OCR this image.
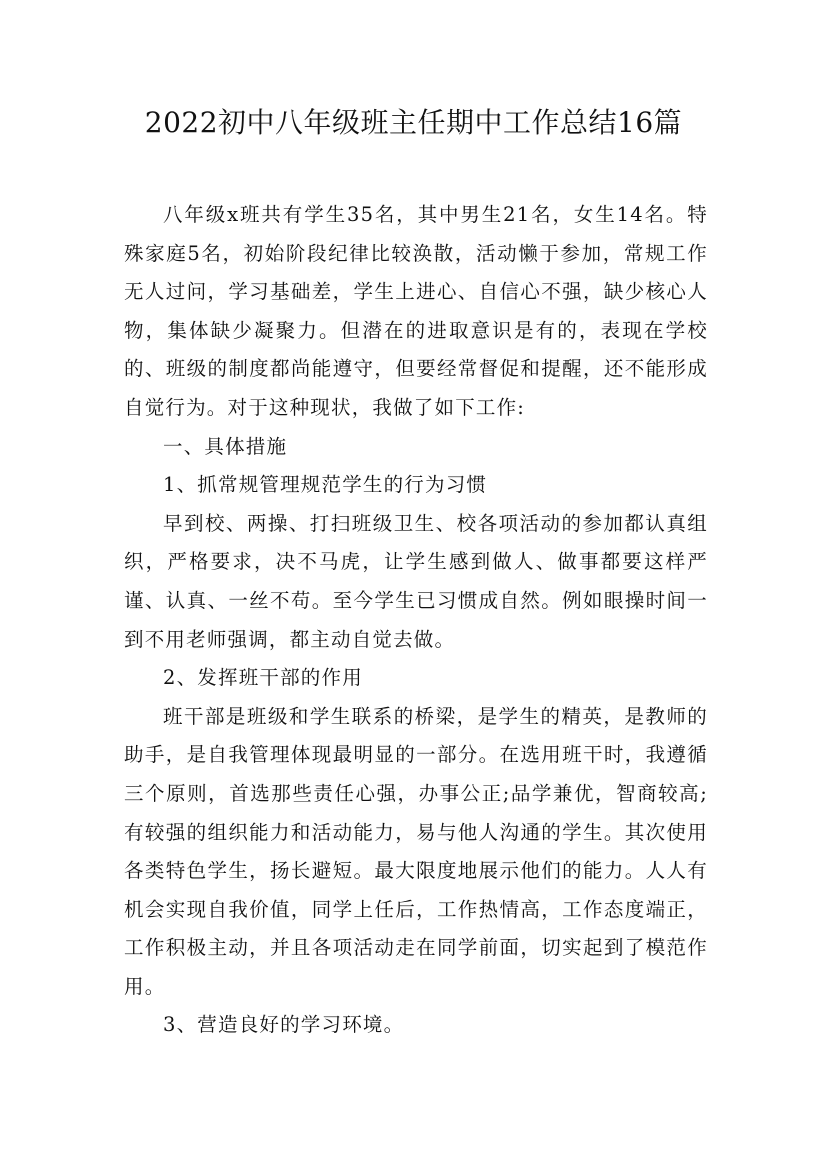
2022初中八年级班主任期中工作总结16篇

八年级x班共有学生35名，其中男生21名，女生14名。特殊家庭5名，初始阶段纪律比较涣散，活动懒于参加，常规工作无人过问，学习基础差，学生上进心、自信心不强，缺少核心人物，集体缺少凝聚力。但潜在的进取意识是有的，表现在学校的、班级的制度都尚能遵守，但要经常督促和提醒，还不能形成自觉行为。对于这种现状，我做了如下工作:

一、具体措施

1、抓常规管理规范学生的行为习惯

早到校、两操、打扫班级卫生、校各项活动的参加都认真组织，严格要求，决不马虎，让学生感到做人、做事都要这样严谨、认真、一丝不苟。至今学生已习惯成自然。例如眼操时间一到不用老师强调，都主动自觉去做。

2、发挥班干部的作用

班干部是班级和学生联系的桥梁，是学生的精英，是教师的助手，是自我管理体现最明显的一部分。在选用班干时，我遵循三个原则，首选那些责任心强，办事公正;品学兼优，智商较高;有较强的组织能力和活动能力，易与他人沟通的学生。其次使用各类特色学生，扬长避短。最大限度地展示他们的能力。人人有机会实现自我价值，同学上任后，工作热情高，工作态度端正，工作积极主动，并且各项活动走在同学前面，切实起到了模范作用。

3、营造良好的学习环境。
